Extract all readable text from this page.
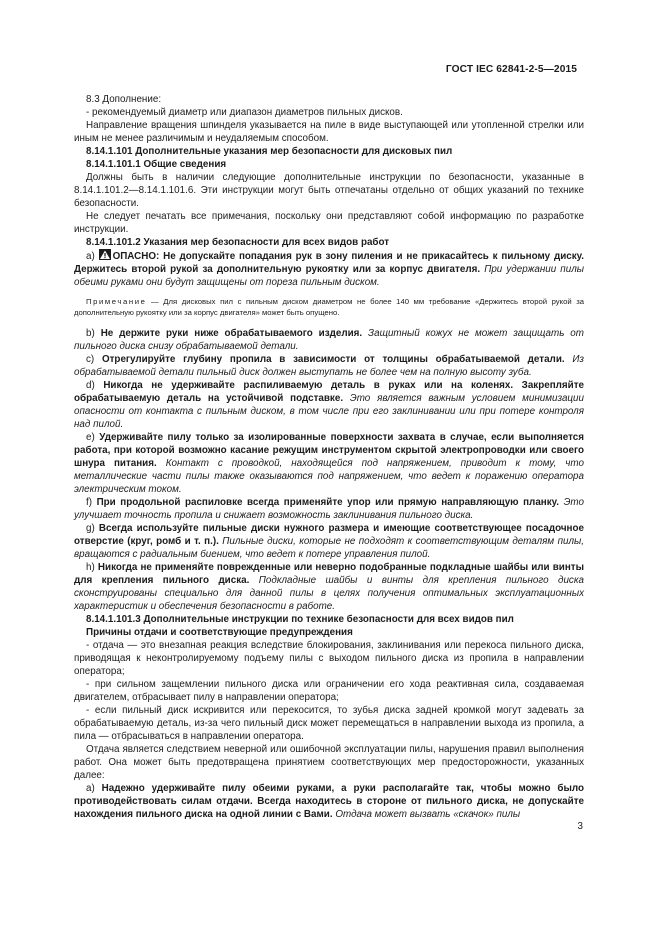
ГОСТ IEC 62841-2-5—2015

8.3 Дополнение:

- рекомендуемый диаметр или диапазон диаметров пильных дисков.

Направление вращения шпинделя указывается на пиле в виде выступающей или утопленной стрелки или иным не менее различимым и неудаляемым способом.

8.14.1.101 Дополнительные указания мер безопасности для дисковых пил

8.14.1.101.1 Общие сведения

Должны быть в наличии следующие дополнительные инструкции по безопасности, указанные в 8.14.1.101.2—8.14.1.101.6. Эти инструкции могут быть отпечатаны отдельно от общих указаний по технике безопасности.

Не следует печатать все примечания, поскольку они представляют собой информацию по разработке инструкции.

8.14.1.101.2 Указания мер безопасности для всех видов работ

a) ОПАСНО: Не допускайте попадания рук в зону пиления и не прикасайтесь к пильному диску. Держитесь второй рукой за дополнительную рукоятку или за корпус двигателя. При удержании пилы обеими руками они будут защищены от пореза пильным диском.

Примечание — Для дисковых пил с пильным диском диаметром не более 140 мм требование «Держитесь второй рукой за дополнительную рукоятку или за корпус двигателя» может быть опущено.

b) Не держите руки ниже обрабатываемого изделия. Защитный кожух не может защищать от пильного диска снизу обрабатываемой детали.

c) Отрегулируйте глубину пропила в зависимости от толщины обрабатываемой детали. Из обрабатываемой детали пильный диск должен выступать не более чем на полную высоту зуба.

d) Никогда не удерживайте распиливаемую деталь в руках или на коленях. Закрепляйте обрабатываемую деталь на устойчивой подставке. Это является важным условием минимизации опасности от контакта с пильным диском, в том числе при его заклинивании или при потере контроля над пилой.

e) Удерживайте пилу только за изолированные поверхности захвата в случае, если выполняется работа, при которой возможно касание режущим инструментом скрытой электропроводки или своего шнура питания. Контакт с проводкой, находящейся под напряжением, приводит к тому, что металлические части пилы также оказываются под напряжением, что ведет к поражению оператора электрическим током.

f) При продольной распиловке всегда применяйте упор или прямую направляющую планку. Это улучшает точность пропила и снижает возможность заклинивания пильного диска.

g) Всегда используйте пильные диски нужного размера и имеющие соответствующее посадочное отверстие (круг, ромб и т. п.). Пильные диски, которые не подходят к соответствующим деталям пилы, вращаются с радиальным биением, что ведет к потере управления пилой.

h) Никогда не применяйте поврежденные или неверно подобранные подкладные шайбы или винты для крепления пильного диска. Подкладные шайбы и винты для крепления пильного диска сконструированы специально для данной пилы в целях получения оптимальных эксплуатационных характеристик и обеспечения безопасности в работе.

8.14.1.101.3 Дополнительные инструкции по технике безопасности для всех видов пил

Причины отдачи и соответствующие предупреждения

- отдача — это внезапная реакция вследствие блокирования, заклинивания или перекоса пильного диска, приводящая к неконтролируемому подъему пилы с выходом пильного диска из пропила в направлении оператора;

- при сильном защемлении пильного диска или ограничении его хода реактивная сила, создаваемая двигателем, отбрасывает пилу в направлении оператора;

- если пильный диск искривится или перекосится, то зубья диска задней кромкой могут задевать за обрабатываемую деталь, из-за чего пильный диск может перемещаться в направлении выхода из пропила, а пила — отбрасываться в направлении оператора.

Отдача является следствием неверной или ошибочной эксплуатации пилы, нарушения правил выполнения работ. Она может быть предотвращена принятием соответствующих мер предосторожности, указанных далее:

a) Надежно удерживайте пилу обеими руками, а руки располагайте так, чтобы можно было противодействовать силам отдачи. Всегда находитесь в стороне от пильного диска, не допускайте нахождения пильного диска на одной линии с Вами. Отдача может вызвать «скачок» пилы

3
